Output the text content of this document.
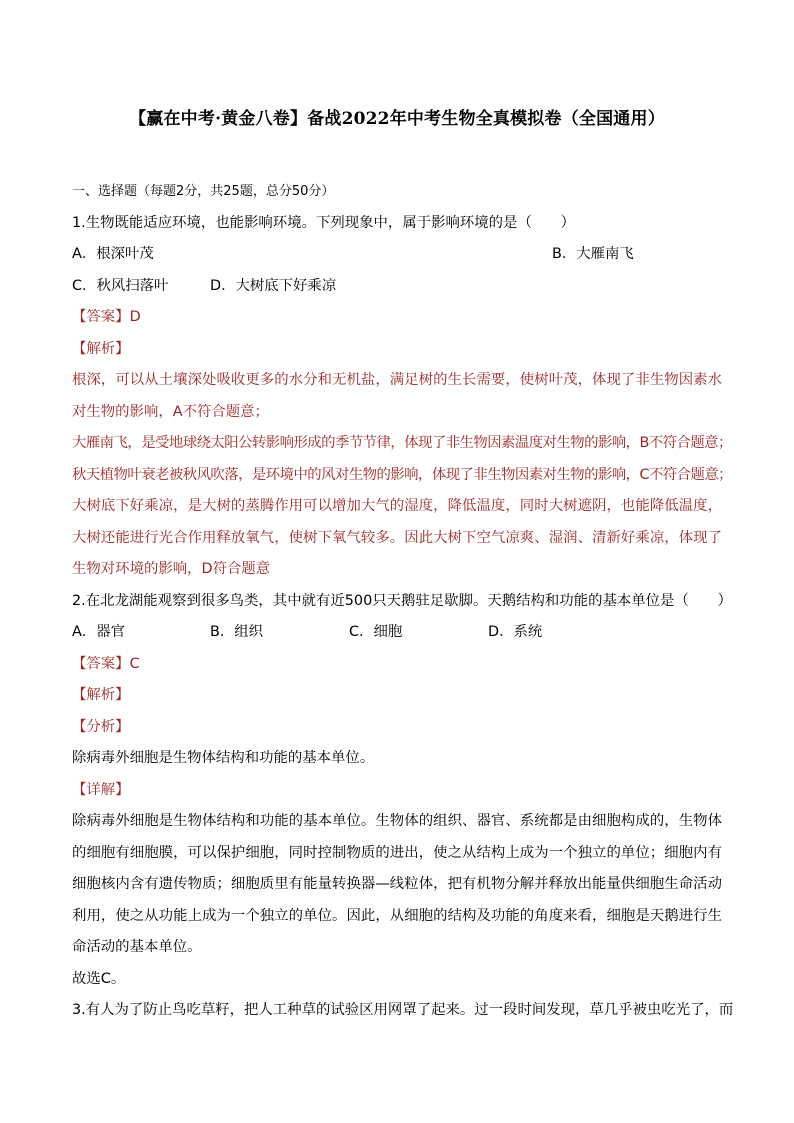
【赢在中考·黄金八卷】备战2022年中考生物全真模拟卷（全国通用）
一、选择题（每题2分，共25题，总分50分）
1.生物既能适应环境，也能影响环境。下列现象中，属于影响环境的是（　　）
A．根深叶茂	B．大雁南飞
C．秋风扫落叶	D．大树底下好乘凉
【答案】D
【解析】
根深，可以从土壤深处吸收更多的水分和无机盐，满足树的生长需要，使树叶茂，体现了非生物因素水对生物的影响，A不符合题意；
大雁南飞，是受地球绕太阳公转影响形成的季节节律，体现了非生物因素温度对生物的影响，B不符合题意；
秋天植物叶衰老被秋风吹落，是环境中的风对生物的影响，体现了非生物因素对生物的影响，C不符合题意；
大树底下好乘凉，是大树的蒸腾作用可以增加大气的湿度，降低温度，同时大树遮阴，也能降低温度，大树还能进行光合作用释放氧气，使树下氧气较多。因此大树下空气凉爽、湿润、清新好乘凉，体现了生物对环境的影响，D符合题意
2.在北龙湖能观察到很多鸟类，其中就有近500只天鹅驻足歇脚。天鹅结构和功能的基本单位是（　　）
A．器官	B．组织	C．细胞	D．系统
【答案】C
【解析】
【分析】
除病毒外细胞是生物体结构和功能的基本单位。
【详解】
除病毒外细胞是生物体结构和功能的基本单位。生物体的组织、器官、系统都是由细胞构成的，生物体的细胞有细胞膜，可以保护细胞，同时控制物质的进出，使之从结构上成为一个独立的单位；细胞内有细胞核内含有遗传物质；细胞质里有能量转换器—线粒体，把有机物分解并释放出能量供细胞生命活动利用，使之从功能上成为一个独立的单位。因此，从细胞的结构及功能的角度来看，细胞是天鹅进行生命活动的基本单位。
故选C。
3.有人为了防止鸟吃草籽，把人工种草的试验区用网罩了起来。过一段时间发现，草几乎被虫吃光了，而
